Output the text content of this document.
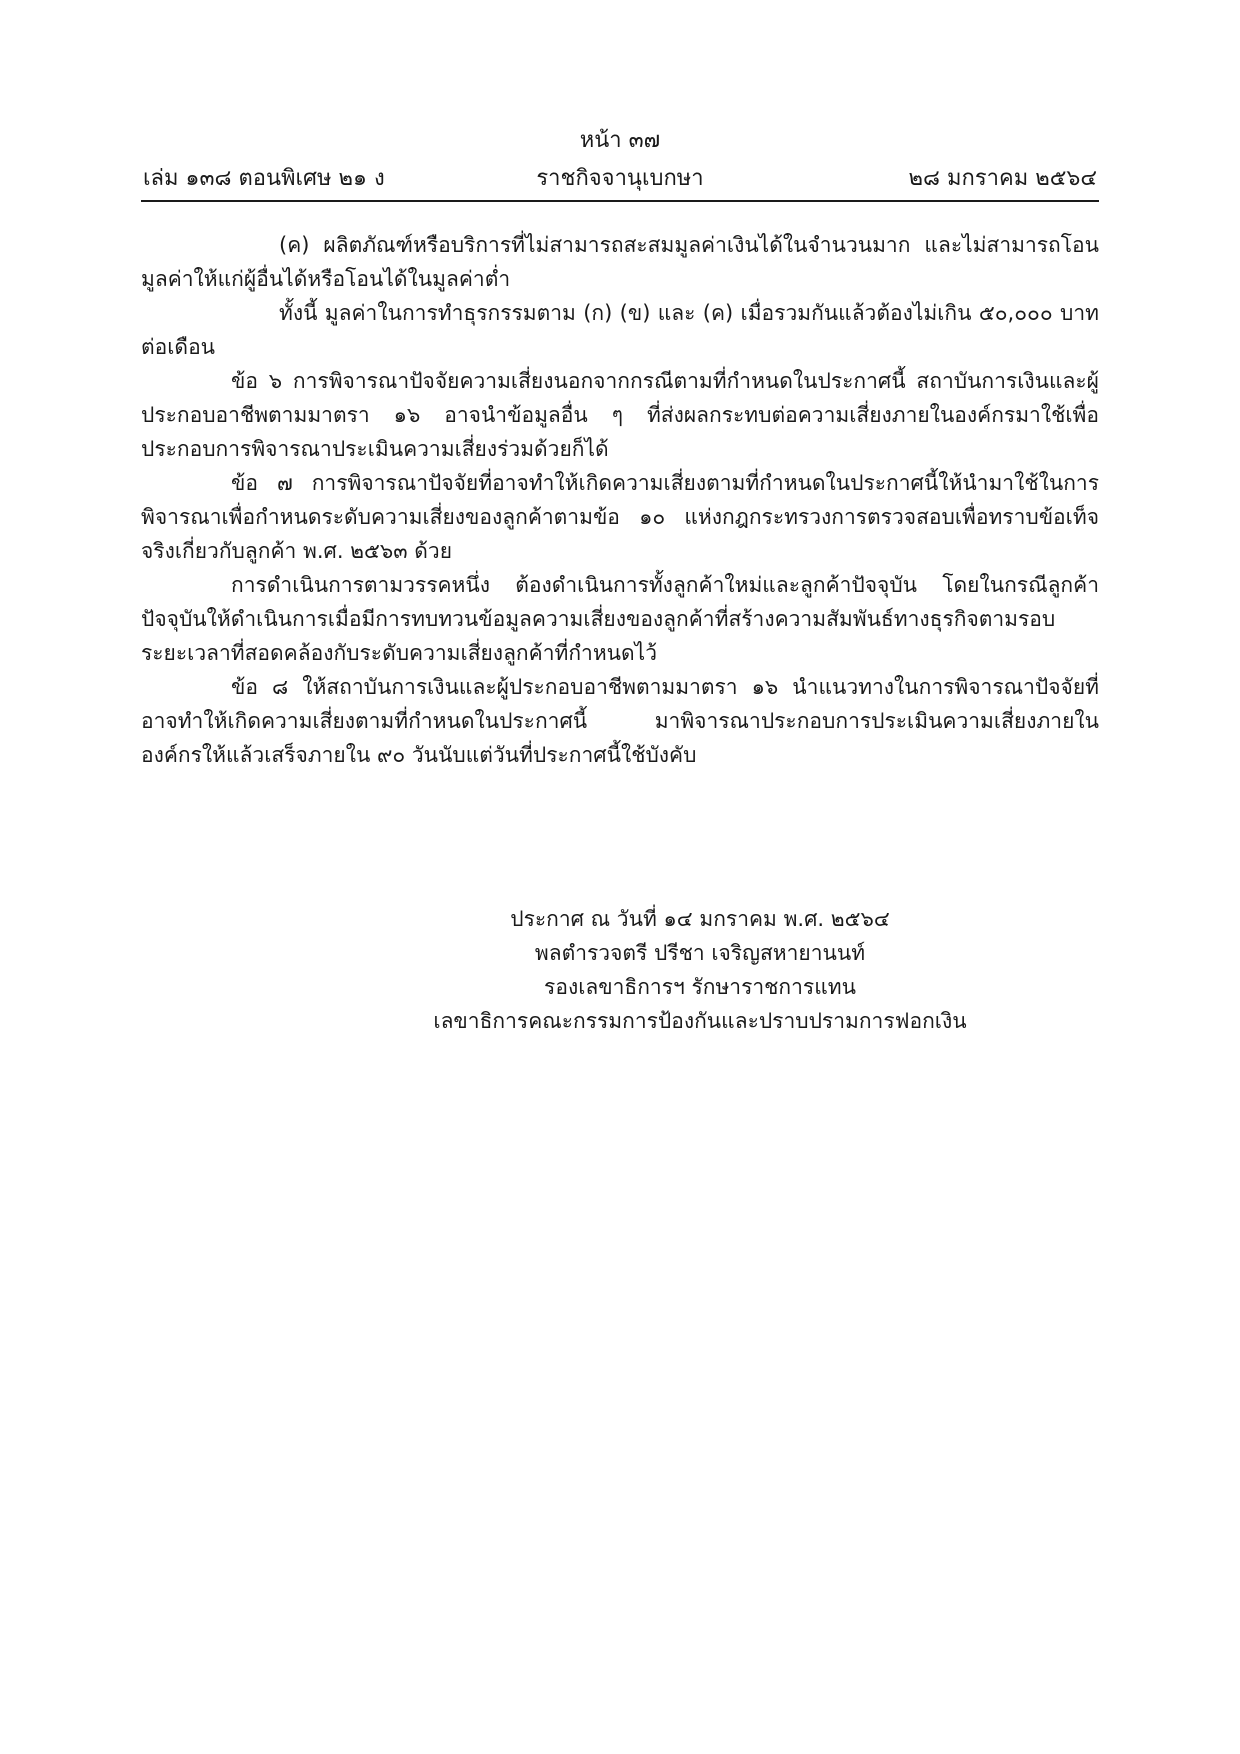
หน้า ๓๗
เล่ม ๑๓๘ ตอนพิเศษ ๒๑ ง	ราชกิจจานุเบกษา	๒๘ มกราคม ๒๕๖๔

(ค) ผลิตภัณฑ์หรือบริการที่ไม่สามารถสะสมมูลค่าเงินได้ในจำนวนมาก และไม่สามารถโอนมูลค่าให้แก่ผู้อื่นได้หรือโอนได้ในมูลค่าต่ำ

ทั้งนี้ มูลค่าในการทำธุรกรรมตาม (ก) (ข) และ (ค) เมื่อรวมกันแล้วต้องไม่เกิน ๕๐,๐๐๐ บาท ต่อเดือน

ข้อ ๖ การพิจารณาปัจจัยความเสี่ยงนอกจากกรณีตามที่กำหนดในประกาศนี้ สถาบันการเงินและผู้ประกอบอาชีพตามมาตรา ๑๖ อาจนำข้อมูลอื่น ๆ ที่ส่งผลกระทบต่อความเสี่ยงภายในองค์กรมาใช้เพื่อประกอบการพิจารณาประเมินความเสี่ยงร่วมด้วยก็ได้

ข้อ ๗ การพิจารณาปัจจัยที่อาจทำให้เกิดความเสี่ยงตามที่กำหนดในประกาศนี้ให้นำมาใช้ในการพิจารณาเพื่อกำหนดระดับความเสี่ยงของลูกค้าตามข้อ ๑๐ แห่งกฎกระทรวงการตรวจสอบเพื่อทราบข้อเท็จจริงเกี่ยวกับลูกค้า พ.ศ. ๒๕๖๓ ด้วย

การดำเนินการตามวรรคหนึ่ง ต้องดำเนินการทั้งลูกค้าใหม่และลูกค้าปัจจุบัน โดยในกรณีลูกค้าปัจจุบันให้ดำเนินการเมื่อมีการทบทวนข้อมูลความเสี่ยงของลูกค้าที่สร้างความสัมพันธ์ทางธุรกิจตามรอบระยะเวลาที่สอดคล้องกับระดับความเสี่ยงลูกค้าที่กำหนดไว้

ข้อ ๘ ให้สถาบันการเงินและผู้ประกอบอาชีพตามมาตรา ๑๖ นำแนวทางในการพิจารณาปัจจัยที่อาจทำให้เกิดความเสี่ยงตามที่กำหนดในประกาศนี้ มาพิจารณาประกอบการประเมินความเสี่ยงภายในองค์กรให้แล้วเสร็จภายใน ๙๐ วันนับแต่วันที่ประกาศนี้ใช้บังคับ

ประกาศ ณ วันที่ ๑๔ มกราคม พ.ศ. ๒๕๖๔
พลตำรวจตรี ปรีชา เจริญสหายานนท์
รองเลขาธิการฯ รักษาราชการแทน
เลขาธิการคณะกรรมการป้องกันและปราบปรามการฟอกเงิน
